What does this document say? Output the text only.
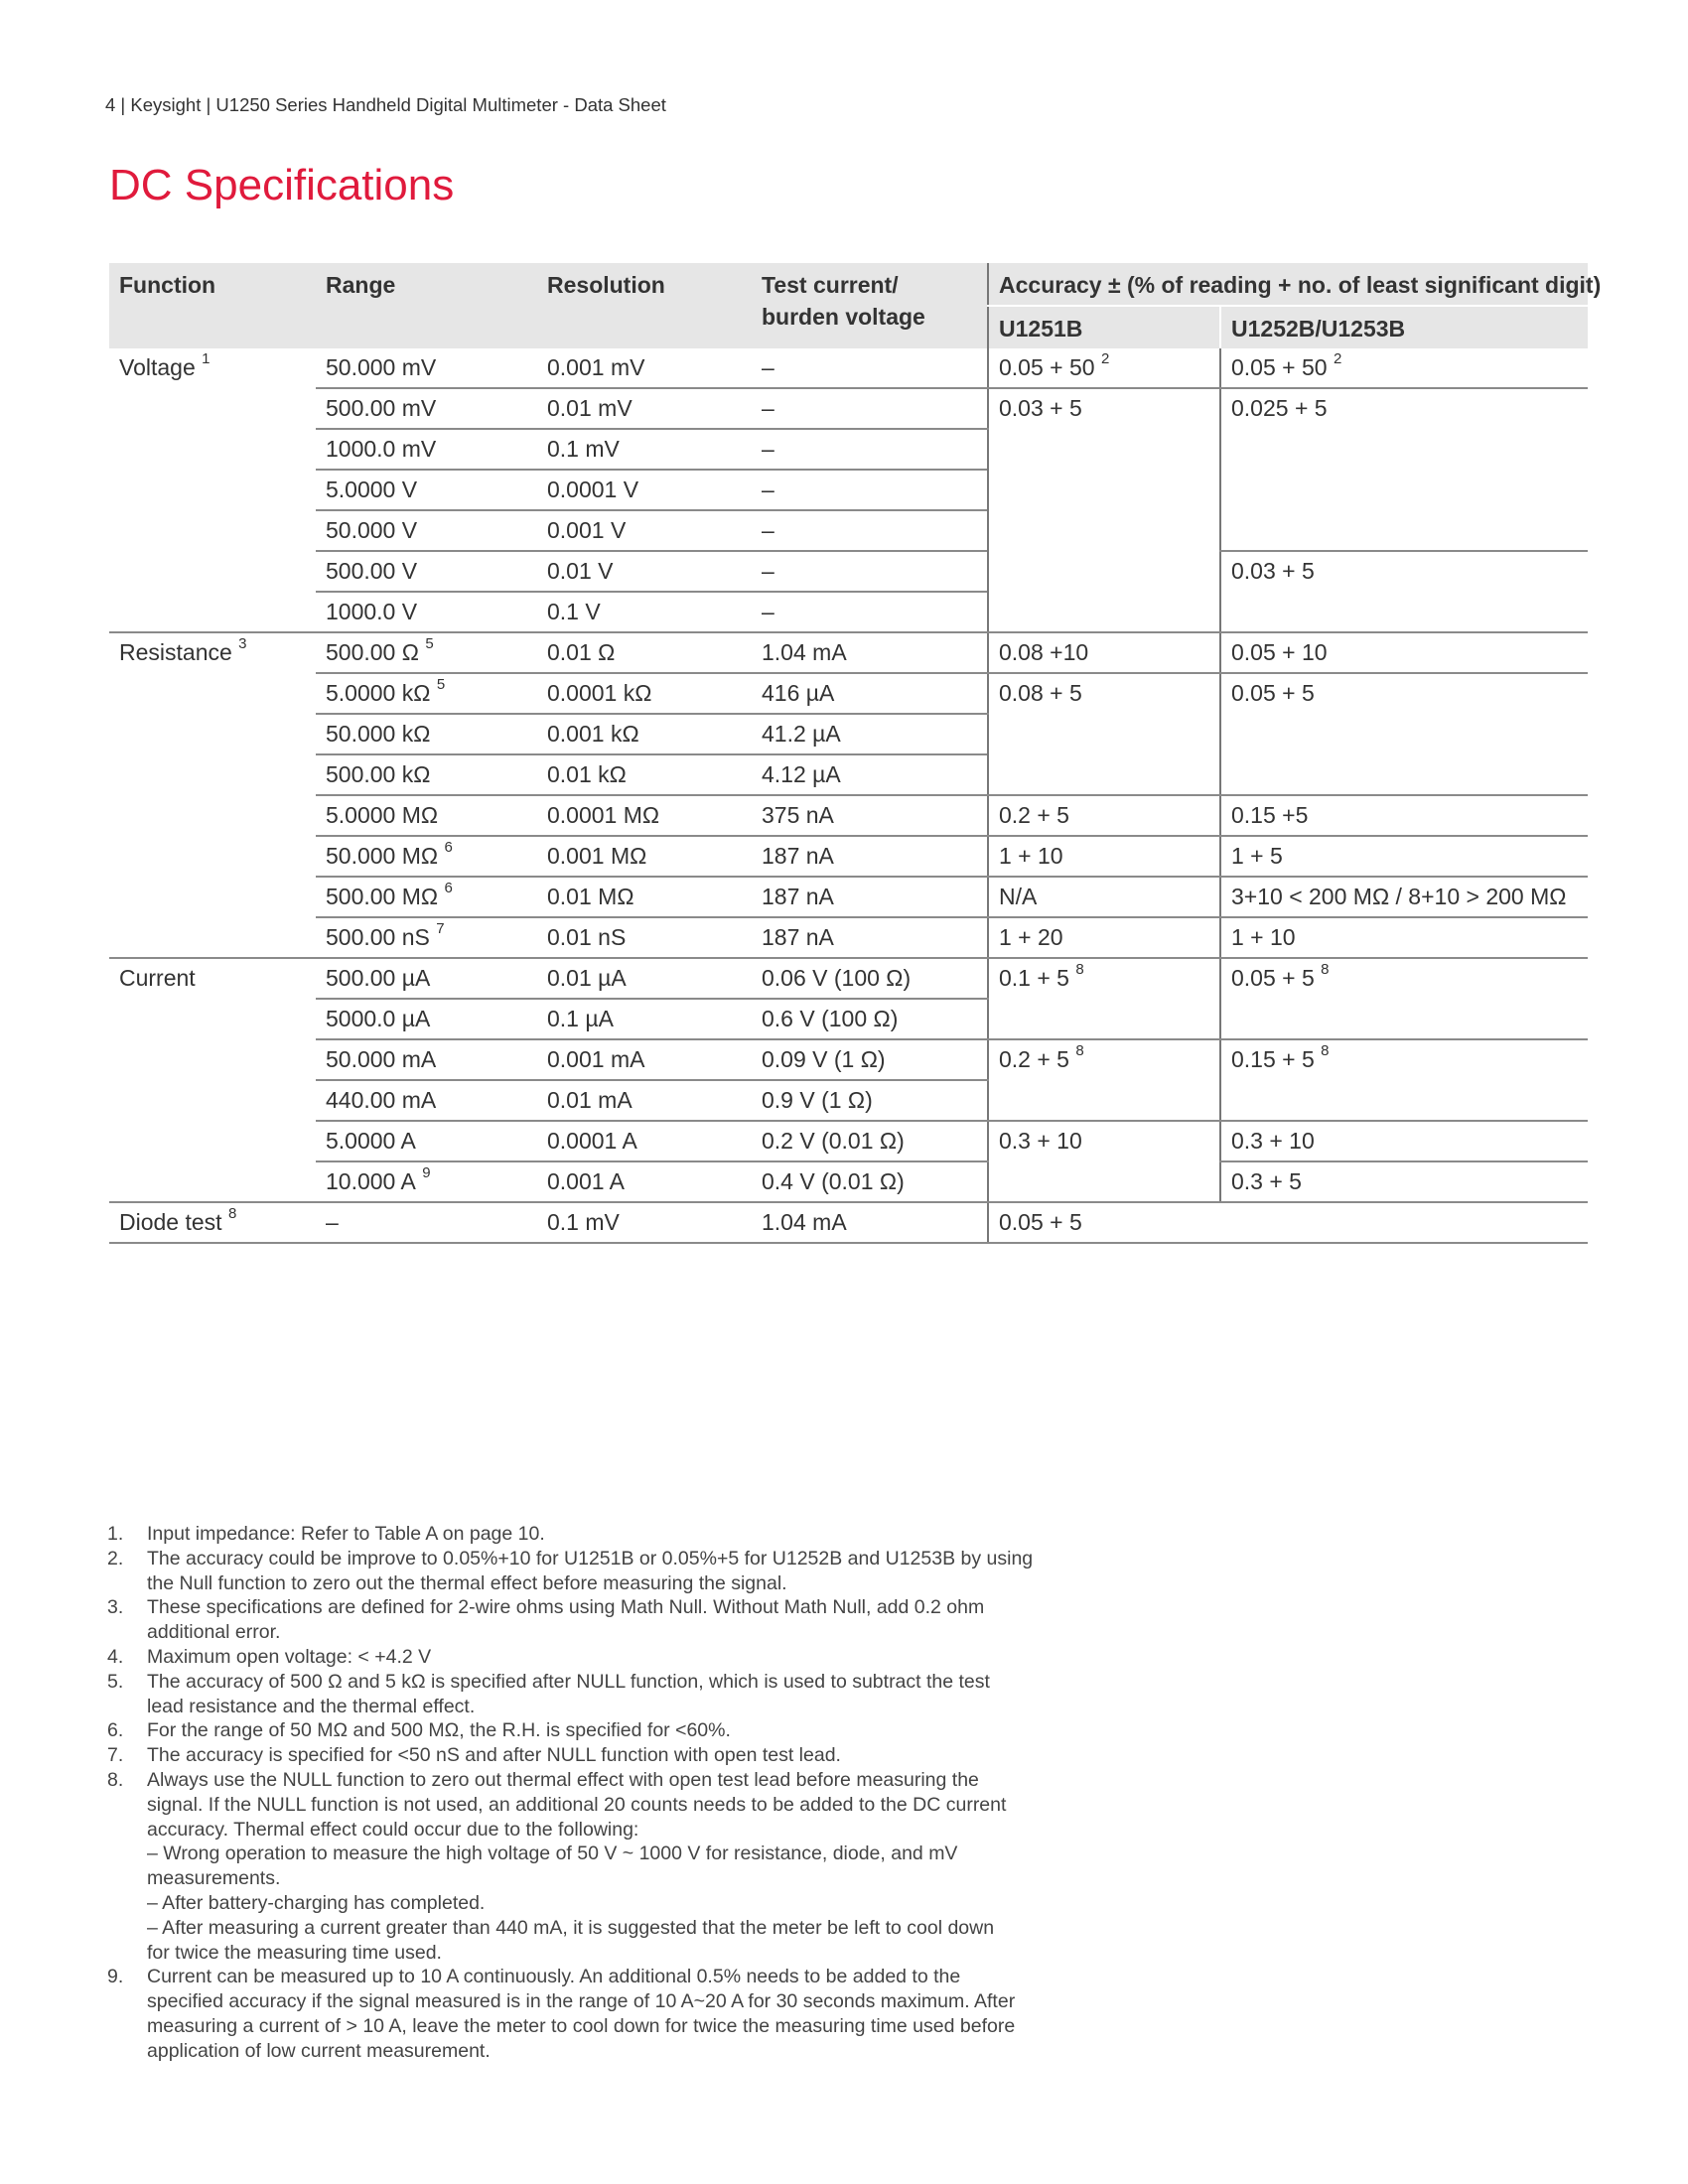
4 | Keysight | U1250 Series Handheld Digital Multimeter - Data Sheet
DC Specifications
Function	Range	Resolution	Test current/
burden voltage	Accuracy ± (% of reading + no. of least significant digit)	
				U1251B	U1252B/U1253B
Voltage $^1$	50.000 mV	0.001 mV	–	0.05 + 50 $^2$	0.05 + 50 $^2$
	500.00 mV	0.01 mV	–	0.03 + 5	0.025 + 5
	1000.0 mV	0.1 mV	–		
	5.0000 V	0.0001 V	–		
	50.000 V	0.001 V	–		
	500.00 V	0.01 V	–		0.03 + 5
	1000.0 V	0.1 V	–		
Resistance $^3$	500.00 Ω $^5$	0.01 Ω	1.04 mA	0.08 +10	0.05 + 10
	5.0000 kΩ $^5$	0.0001 kΩ	416 µA	0.08 + 5	0.05 + 5
	50.000 kΩ	0.001 kΩ	41.2 µA		
	500.00 kΩ	0.01 kΩ	4.12 µA		
	5.0000 MΩ	0.0001 MΩ	375 nA	0.2 + 5	0.15 +5
	50.000 MΩ $^6$	0.001 MΩ	187 nA	1 + 10	1 + 5
	500.00 MΩ $^6$	0.01 MΩ	187 nA	N/A	3+10 < 200 MΩ / 8+10 > 200 MΩ
	500.00 nS $^7$	0.01 nS	187 nA	1 + 20	1 + 10
Current	500.00 µA	0.01 µA	0.06 V (100 Ω)	0.1 + 5 $^8$	0.05 + 5 $^8$
	5000.0 µA	0.1 µA	0.6 V (100 Ω)		
	50.000 mA	0.001 mA	0.09 V (1 Ω)	0.2 + 5 $^8$	0.15 + 5 $^8$
	440.00 mA	0.01 mA	0.9 V (1 Ω)		
	5.0000 A	0.0001 A	0.2 V (0.01 Ω)	0.3 + 10	0.3 + 10
	10.000 A $^9$	0.001 A	0.4 V (0.01 Ω)		0.3 + 5
Diode test $^8$	–	0.1 mV	1.04 mA	0.05 + 5	
1. Input impedance: Refer to Table A on page 10.
2. The accuracy could be improve to 0.05%+10 for U1251B or 0.05%+5 for U1252B and U1253B by using
the Null function to zero out the thermal effect before measuring the signal.
3. These specifications are defined for 2-wire ohms using Math Null. Without Math Null, add 0.2 ohm
additional error.
4. Maximum open voltage: < +4.2 V
5. The accuracy of 500 Ω and 5 kΩ is specified after NULL function, which is used to subtract the test
lead resistance and the thermal effect.
6. For the range of 50 MΩ and 500 MΩ, the R.H. is specified for <60%.
7. The accuracy is specified for <50 nS and after NULL function with open test lead.
8. Always use the NULL function to zero out thermal effect with open test lead before measuring the
signal. If the NULL function is not used, an additional 20 counts needs to be added to the DC current
accuracy. Thermal effect could occur due to the following:
– Wrong operation to measure the high voltage of 50 V ~ 1000 V for resistance, diode, and mV
measurements.
– After battery-charging has completed.
– After measuring a current greater than 440 mA, it is suggested that the meter be left to cool down
for twice the measuring time used.
9. Current can be measured up to 10 A continuously. An additional 0.5% needs to be added to the
specified accuracy if the signal measured is in the range of 10 A~20 A for 30 seconds maximum. After
measuring a current of > 10 A, leave the meter to cool down for twice the measuring time used before
application of low current measurement.
